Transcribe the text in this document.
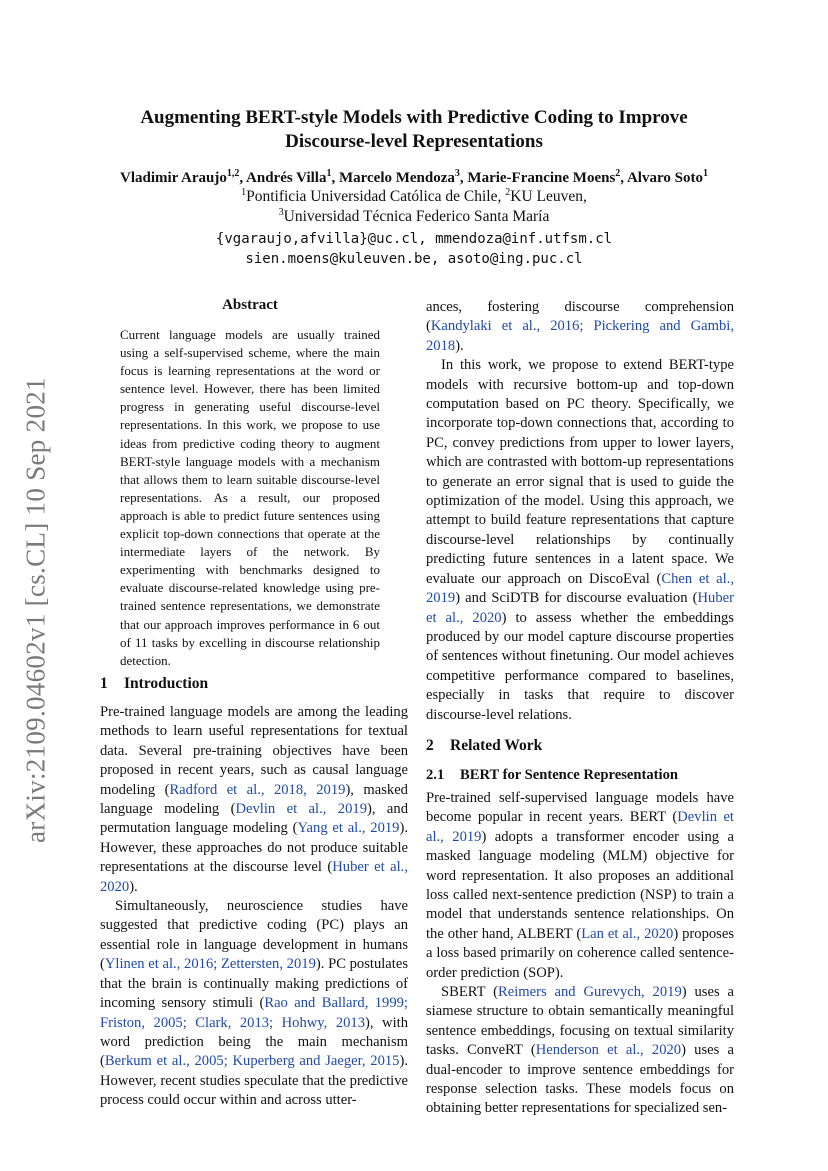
arXiv:2109.04602v1 [cs.CL] 10 Sep 2021
Augmenting BERT-style Models with Predictive Coding to Improve
Discourse-level Representations
Vladimir Araujo$^{1,2}$, Andrés Villa$^1$, Marcelo Mendoza$^3$, Marie-Francine Moens$^2$, Alvaro Soto$^1$
$^1$Pontificia Universidad Católica de Chile, $^2$KU Leuven,
$^3$Universidad Técnica Federico Santa María
{vgaraujo,afvilla}@uc.cl, mmendoza@inf.utfsm.cl
sien.moens@kuleuven.be, asoto@ing.puc.cl
Abstract

Current language models are usually trained using a self-supervised scheme, where the main focus is learning representations at the word or sentence level. However, there has been limited progress in generating useful discourse-level representations. In this work, we propose to use ideas from predictive coding theory to augment BERT-style language models with a mechanism that allows them to learn suitable discourse-level representations. As a result, our proposed approach is able to predict future sentences using explicit top-down connections that operate at the intermediate layers of the network. By experimenting with benchmarks designed to evaluate discourse-related knowledge using pre-trained sentence representations, we demonstrate that our approach improves performance in 6 out of 11 tasks by excelling in discourse relationship detection.

1 Introduction

Pre-trained language models are among the leading methods to learn useful representations for textual data. Several pre-training objectives have been proposed in recent years, such as causal language modeling (Radford et al., 2018, 2019), masked language modeling (Devlin et al., 2019), and permutation language modeling (Yang et al., 2019). However, these approaches do not produce suitable representations at the discourse level (Huber et al., 2020).

Simultaneously, neuroscience studies have suggested that predictive coding (PC) plays an essential role in language development in humans (Ylinen et al., 2016; Zettersten, 2019). PC postulates that the brain is continually making predictions of incoming sensory stimuli (Rao and Ballard, 1999; Friston, 2005; Clark, 2013; Hohwy, 2013), with word prediction being the main mechanism (Berkum et al., 2005; Kuperberg and Jaeger, 2015). However, recent studies speculate that the predictive process could occur within and across utter-

ances, fostering discourse comprehension (Kandylaki et al., 2016; Pickering and Gambi, 2018).

In this work, we propose to extend BERT-type models with recursive bottom-up and top-down computation based on PC theory. Specifically, we incorporate top-down connections that, according to PC, convey predictions from upper to lower layers, which are contrasted with bottom-up representations to generate an error signal that is used to guide the optimization of the model. Using this approach, we attempt to build feature representations that capture discourse-level relationships by continually predicting future sentences in a latent space. We evaluate our approach on DiscoEval (Chen et al., 2019) and SciDTB for discourse evaluation (Huber et al., 2020) to assess whether the embeddings produced by our model capture discourse properties of sentences without finetuning. Our model achieves competitive performance compared to baselines, especially in tasks that require to discover discourse-level relations.

2 Related Work
2.1 BERT for Sentence Representation

Pre-trained self-supervised language models have become popular in recent years. BERT (Devlin et al., 2019) adopts a transformer encoder using a masked language modeling (MLM) objective for word representation. It also proposes an additional loss called next-sentence prediction (NSP) to train a model that understands sentence relationships. On the other hand, ALBERT (Lan et al., 2020) proposes a loss based primarily on coherence called sentence-order prediction (SOP).

SBERT (Reimers and Gurevych, 2019) uses a siamese structure to obtain semantically meaningful sentence embeddings, focusing on textual similarity tasks. ConveRT (Henderson et al., 2020) uses a dual-encoder to improve sentence embeddings for response selection tasks. These models focus on obtaining better representations for specialized sen-
